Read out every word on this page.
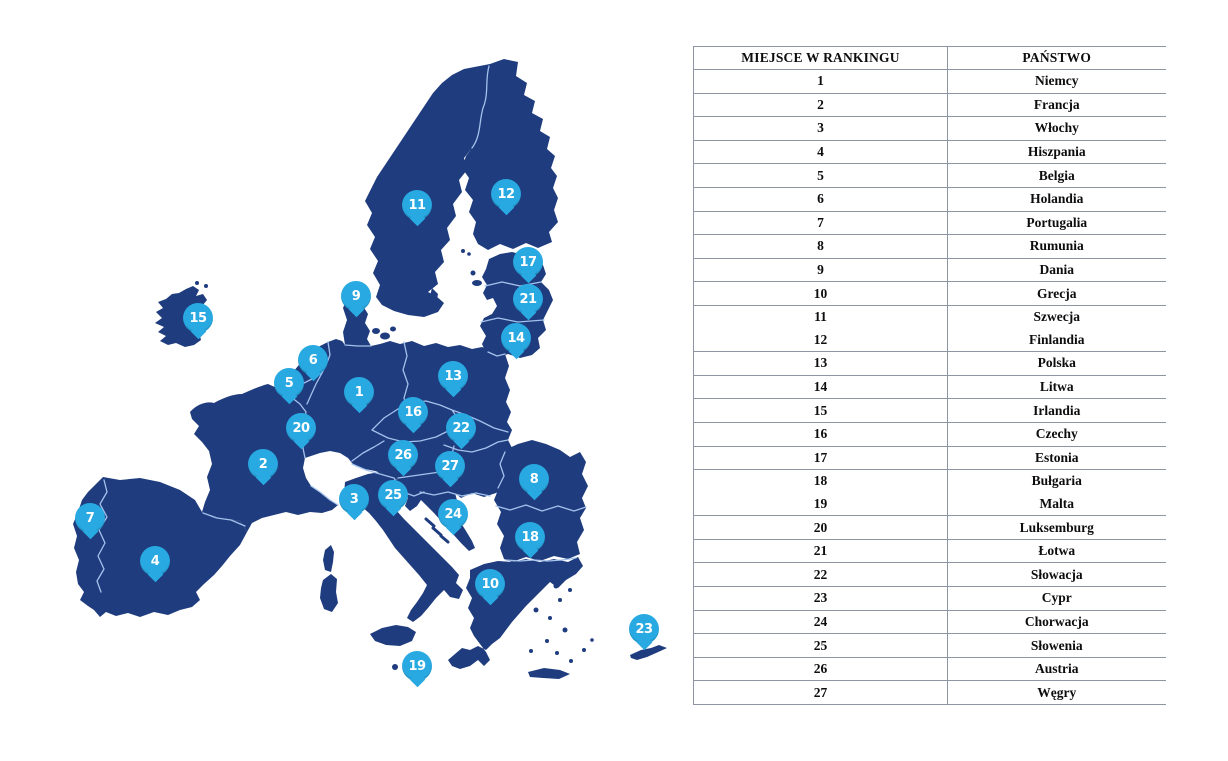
1
2
3
4
5
6
7
8
9
10
11
12
13
14
15
16
17
18
19
20
21
22
23
24
25
26
27
MIEJSCE W RANKINGU	PAŃSTWO
1	Niemcy
2	Francja
3	Włochy
4	Hiszpania
5	Belgia
6	Holandia
7	Portugalia
8	Rumunia
9	Dania
10	Grecja
11	Szwecja
12	Finlandia
13	Polska
14	Litwa
15	Irlandia
16	Czechy
17	Estonia
18	Bułgaria
19	Malta
20	Luksemburg
21	Łotwa
22	Słowacja
23	Cypr
24	Chorwacja
25	Słowenia
26	Austria
27	Węgry
